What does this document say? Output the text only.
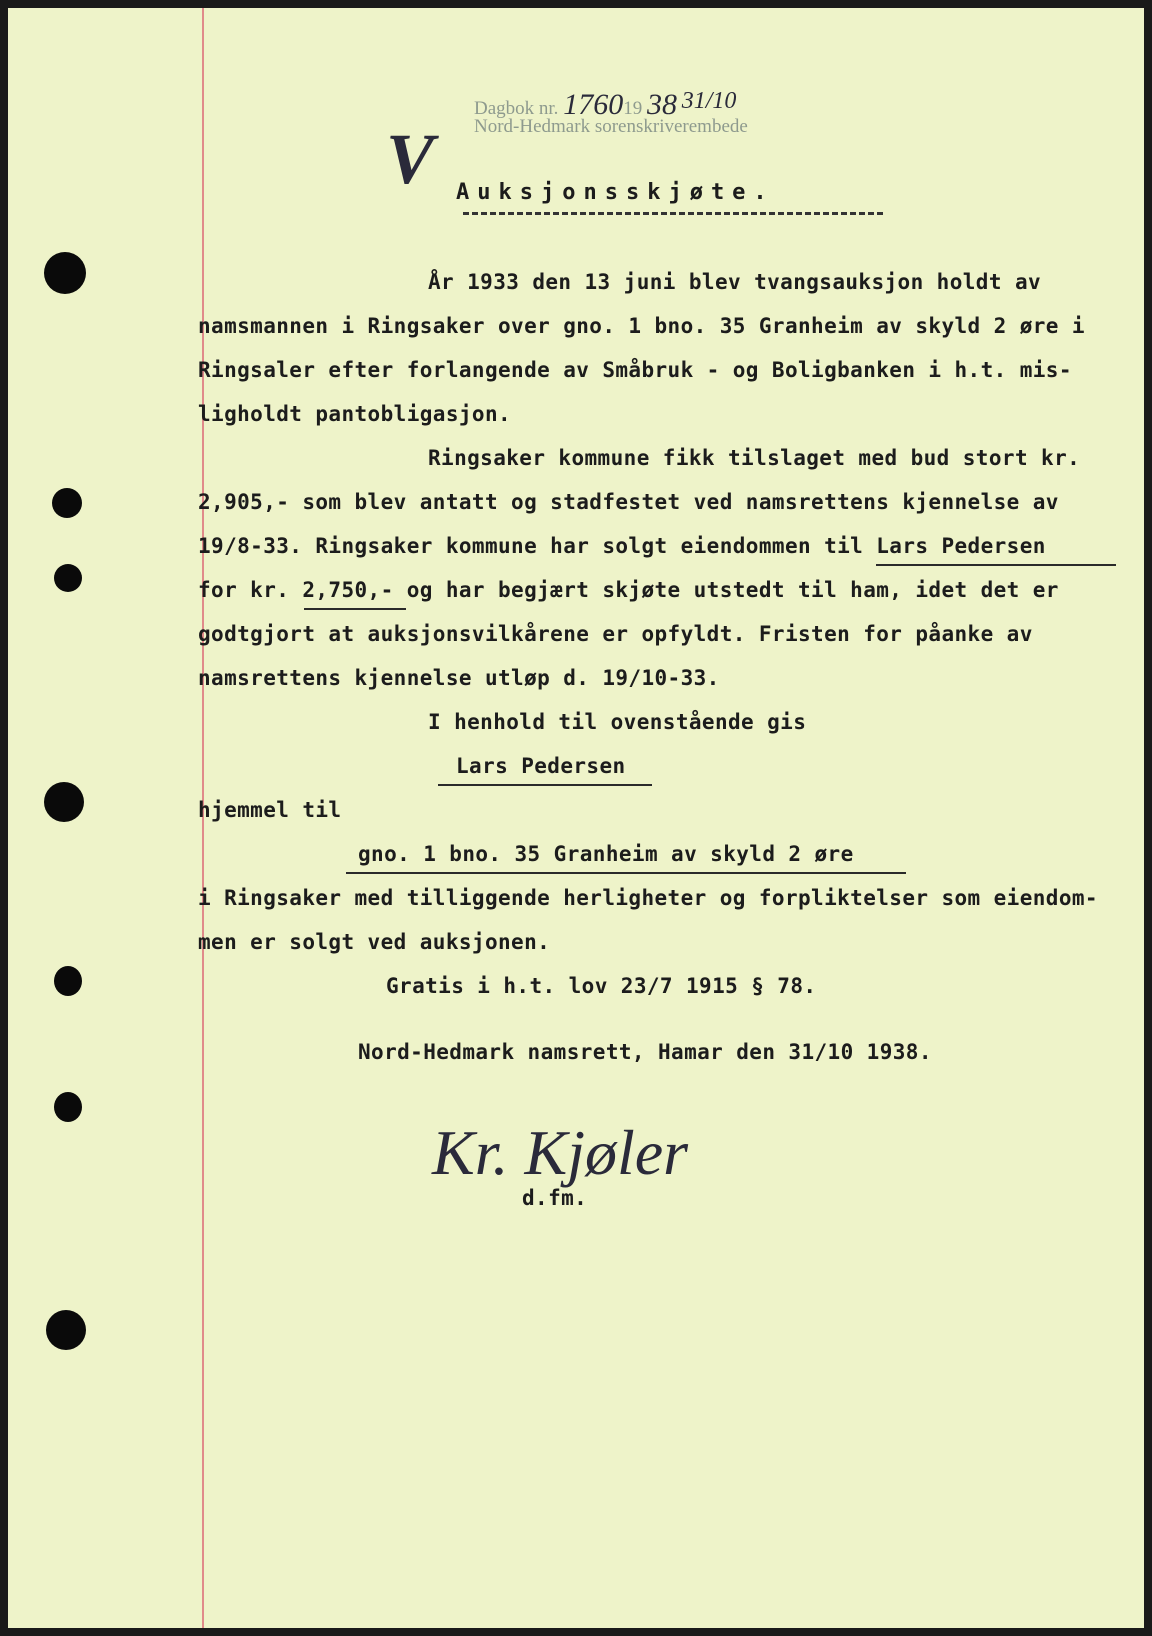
Dagbok nr. 176019 38 31/10
Nord-Hedmark sorenskriverembede
V Auksjonsskjøte.
År 1933 den 13 juni blev tvangsauksjon holdt av
namsmannen i Ringsaker over gno. 1 bno. 35 Granheim av skyld 2 øre i
Ringsaler efter forlangende av Småbruk - og Boligbanken i h.t. mis-
ligholdt pantobligasjon.
Ringsaker kommune fikk tilslaget med bud stort kr.
2,905,- som blev antatt og stadfestet ved namsrettens kjennelse av
19/8-33. Ringsaker kommune har solgt eiendommen til Lars Pedersen
for kr. 2,750,- og har begjært skjøte utstedt til ham, idet det er
godtgjort at auksjonsvilkårene er opfyldt. Fristen for påanke av
namsrettens kjennelse utløp d. 19/10-33.
I henhold til ovenstående gis
Lars Pedersen
hjemmel til
gno. 1 bno. 35 Granheim av skyld 2 øre
i Ringsaker med tilliggende herligheter og forpliktelser som eiendom-
men er solgt ved auksjonen.
Gratis i h.t. lov 23/7 1915 § 78.
Nord-Hedmark namsrett, Hamar den 31/10 1938.
Kr. Kjøler
d.fm.
